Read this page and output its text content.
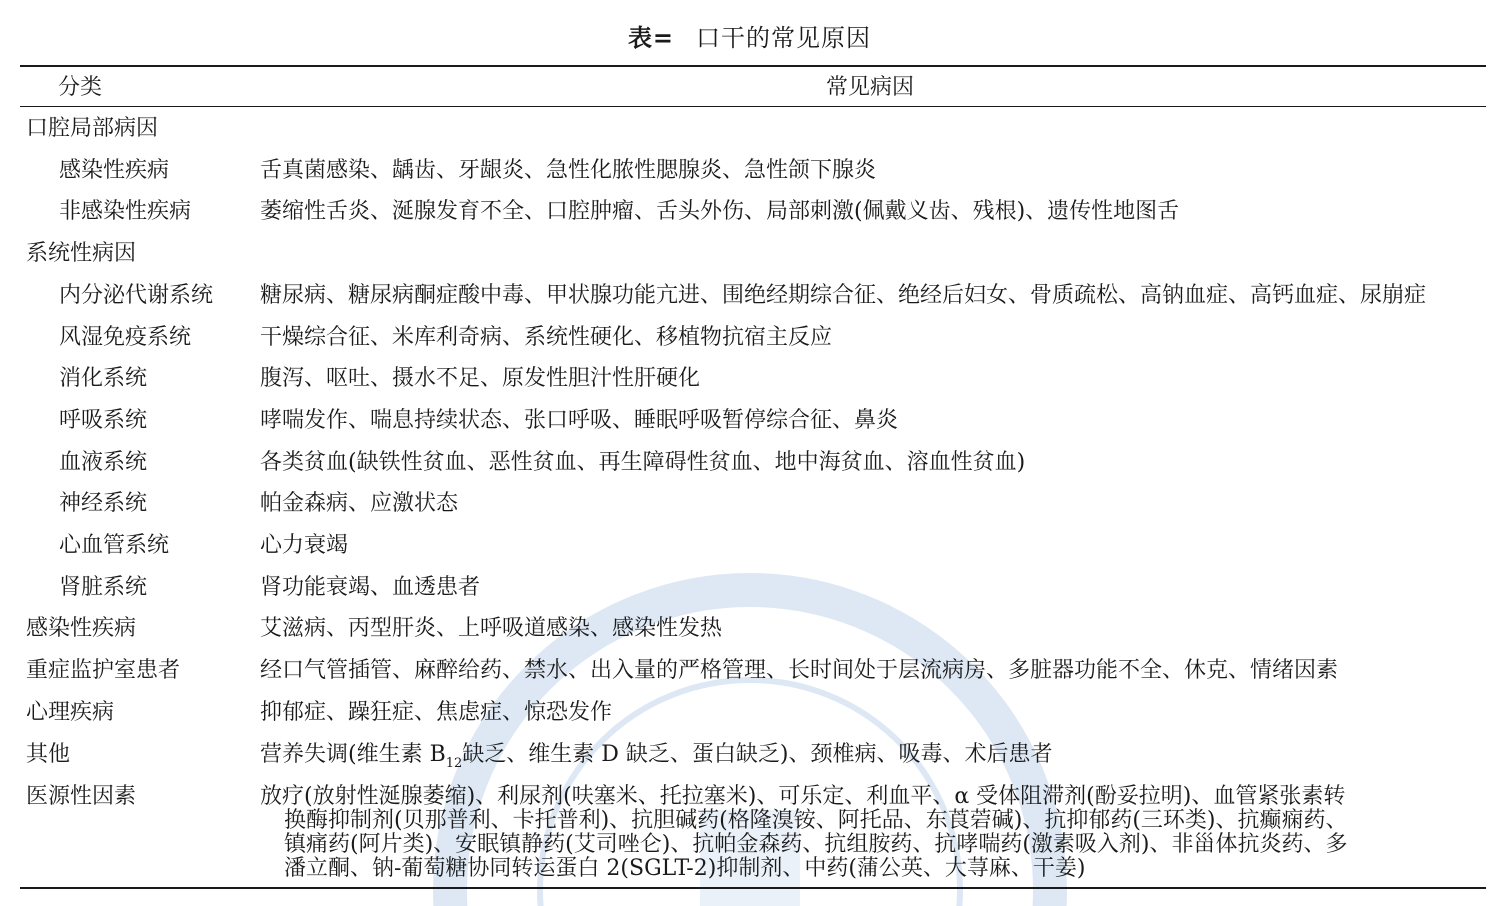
表= 口干的常见原因
分类	常见病因
口腔局部病因
感染性疾病	舌真菌感染、龋齿、牙龈炎、急性化脓性腮腺炎、急性颌下腺炎
非感染性疾病	萎缩性舌炎、涎腺发育不全、口腔肿瘤、舌头外伤、局部刺激(佩戴义齿、残根)、遗传性地图舌
系统性病因
内分泌代谢系统 糖尿病、糖尿病酮症酸中毒、甲状腺功能亢进、围绝经期综合征、绝经后妇女、骨质疏松、高钠血症、高钙血症、尿崩症
风湿免疫系统	干燥综合征、米库利奇病、系统性硬化、移植物抗宿主反应
消化系统	腹泻、呕吐、摄水不足、原发性胆汁性肝硬化
呼吸系统	哮喘发作、喘息持续状态、张口呼吸、睡眠呼吸暂停综合征、鼻炎
血液系统	各类贫血(缺铁性贫血、恶性贫血、再生障碍性贫血、地中海贫血、溶血性贫血)
神经系统	帕金森病、应激状态
心血管系统	心力衰竭
肾脏系统	肾功能衰竭、血透患者
感染性疾病	艾滋病、丙型肝炎、上呼吸道感染、感染性发热
重症监护室患者	经口气管插管、麻醉给药、禁水、出入量的严格管理、长时间处于层流病房、多脏器功能不全、休克、情绪因素
心理疾病	抑郁症、躁狂症、焦虑症、惊恐发作
其他	营养失调(维生素 $B_{12}$缺乏、维生素 D 缺乏、蛋白缺乏)、颈椎病、吸毒、术后患者
医源性因素	放疗(放射性涎腺萎缩)、利尿剂(呋塞米、托拉塞米)、可乐定、利血平、α 受体阻滞剂(酚妥拉明)、血管紧张素转
换酶抑制剂(贝那普利、卡托普利)、抗胆碱药(格隆溴铵、阿托品、东莨菪碱)、抗抑郁药(三环类)、抗癫痫药、
镇痛药(阿片类)、安眠镇静药(艾司唑仑)、抗帕金森药、抗组胺药、抗哮喘药(激素吸入剂)、非甾体抗炎药、多
潘立酮、钠-葡萄糖协同转运蛋白 2(SGLT-2)抑制剂、中药(蒲公英、大荨麻、干姜)
